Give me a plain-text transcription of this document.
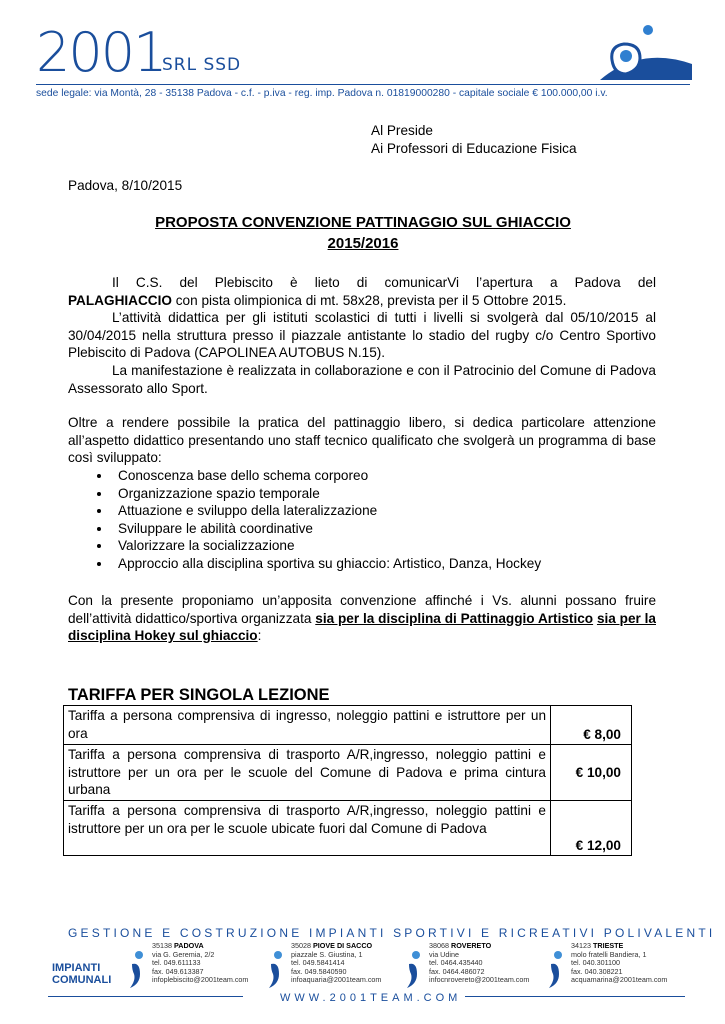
2001
SRL SSD
sede legale: via Montà, 28 - 35138 Padova - c.f. - p.iva - reg. imp. Padova n. 01819000280 - capitale sociale € 100.000,00 i.v.
Al Preside
Ai Professori di Educazione Fisica
Padova, 8/10/2015
PROPOSTA CONVENZIONE PATTINAGGIO SUL GHIACCIO
2015/2016
Il C.S. del Plebiscito è lieto di comunicarVi l’apertura a Padova del
PALAGHIACCIO con pista olimpionica di mt. 58x28, prevista per il 5 Ottobre 2015.
L’attività didattica per gli istituti scolastici di tutti i livelli si svolgerà dal 05/10/2015 al 30/04/2015 nella struttura presso il piazzale antistante lo stadio del rugby c/o Centro Sportivo Plebiscito di Padova (CAPOLINEA AUTOBUS N.15).
La manifestazione è realizzata in collaborazione e con il Patrocinio del Comune di Padova Assessorato allo Sport.
Oltre a rendere possibile la pratica del pattinaggio libero, si dedica particolare attenzione all’aspetto didattico presentando uno staff tecnico qualificato che svolgerà un programma di base così sviluppato:
• Conoscenza base dello schema corporeo
• Organizzazione spazio temporale
• Attuazione e sviluppo della lateralizzazione
• Sviluppare le abilità coordinative
• Valorizzare la socializzazione
• Approccio alla disciplina sportiva su ghiaccio: Artistico, Danza, Hockey
Con la presente proponiamo un’apposita convenzione affinché i Vs. alunni possano fruire dell’attività didattico/sportiva organizzata sia per la disciplina di Pattinaggio Artistico sia per la disciplina Hokey sul ghiaccio:
TARIFFA PER SINGOLA LEZIONE
Tariffa a persona comprensiva di ingresso, noleggio pattini e istruttore per un ora	€ 8,00
Tariffa a persona comprensiva di trasporto A/R,ingresso, noleggio pattini e istruttore per un ora per le scuole del Comune di Padova e prima cintura urbana	€ 10,00
Tariffa a persona comprensiva di trasporto A/R,ingresso, noleggio pattini e istruttore per un ora per le scuole ubicate fuori dal Comune di Padova	€ 12,00
GESTIONE E COSTRUZIONE IMPIANTI SPORTIVI E RICREATIVI POLIVALENTI
IMPIANTI
COMUNALI
35138 PADOVA
via G. Geremia, 2/2
tel. 049.611133
fax. 049.613387
infoplebiscito@2001team.com
35028 PIOVE DI SACCO
piazzale S. Giustina, 1
tel. 049.5841414
fax. 049.5840590
infoaquaria@2001team.com
38068 ROVERETO
via Udine
tel. 0464.435440
fax. 0464.486072
infocnrovereto@2001team.com
34123 TRIESTE
molo fratelli Bandiera, 1
tel. 040.301100
fax. 040.308221
acquamarina@2001team.com
WWW.2001TEAM.COM
